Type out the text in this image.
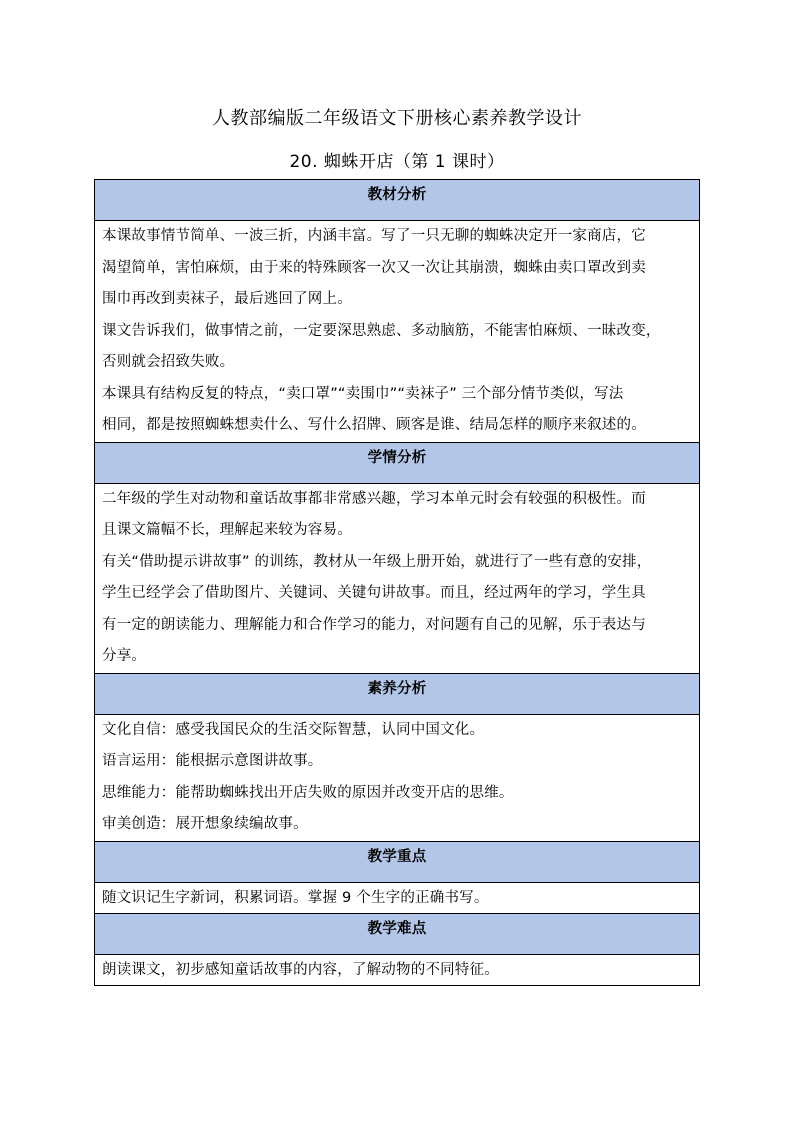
人教部编版二年级语文下册核心素养教学设计
20. 蜘蛛开店（第 1 课时）
教材分析

本课故事情节简单、一波三折，内涵丰富。写了一只无聊的蜘蛛决定开一家商店，它

渴望简单，害怕麻烦，由于来的特殊顾客一次又一次让其崩溃，蜘蛛由卖口罩改到卖

围巾再改到卖袜子，最后逃回了网上。

课文告诉我们，做事情之前，一定要深思熟虑、多动脑筋，不能害怕麻烦、一昧改变，

否则就会招致失败。

本课具有结构反复的特点，“卖口罩”“卖围巾”“卖袜子” 三个部分情节类似，写法

相同，都是按照蜘蛛想卖什么、写什么招牌、顾客是谁、结局怎样的顺序来叙述的。

学情分析

二年级的学生对动物和童话故事都非常感兴趣，学习本单元时会有较强的积极性。而

且课文篇幅不长，理解起来较为容易。

有关“借助提示讲故事” 的训练，教材从一年级上册开始，就进行了一些有意的安排，

学生已经学会了借助图片、关键词、关键句讲故事。而且，经过两年的学习，学生具

有一定的朗读能力、理解能力和合作学习的能力，对问题有自己的见解，乐于表达与

分享。

素养分析

文化自信：感受我国民众的生活交际智慧，认同中国文化。

语言运用：能根据示意图讲故事。

思维能力：能帮助蜘蛛找出开店失败的原因并改变开店的思维。

审美创造：展开想象续编故事。

教学重点

随文识记生字新词，积累词语。掌握 9 个生字的正确书写。

教学难点

朗读课文，初步感知童话故事的内容，了解动物的不同特征。
